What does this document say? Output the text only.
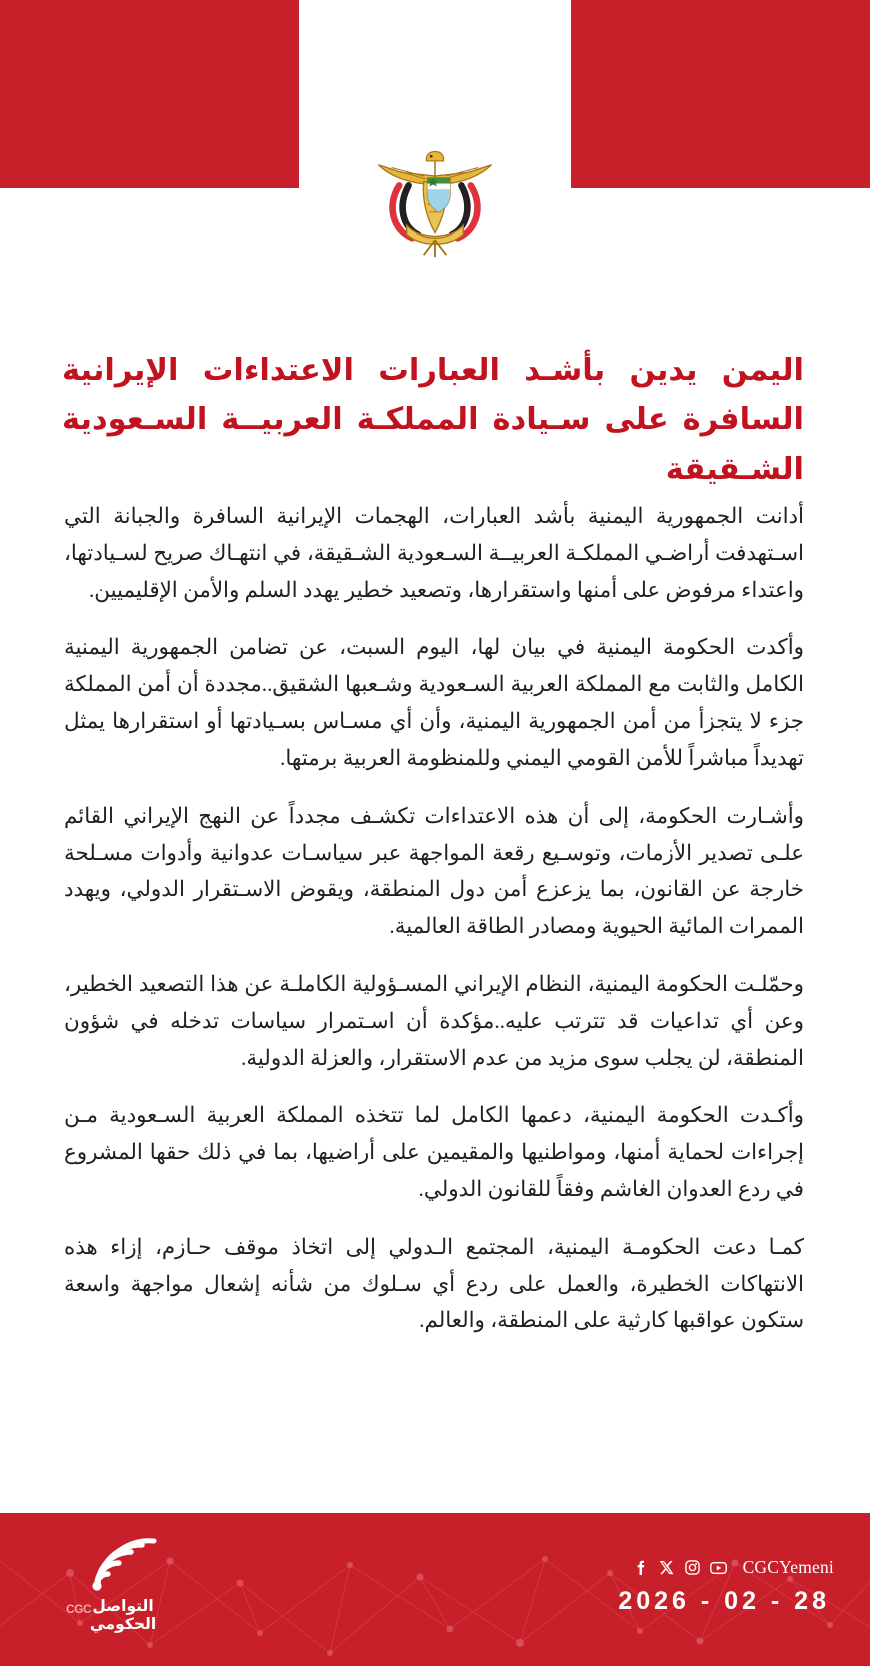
اليمن يدين بأشـد العبارات الاعتداءات الإيرانية السافرة على سـيادة المملكـة العربيــة السـعودية الشـقيقة

أدانت الجمهورية اليمنية بأشد العبارات، الهجمات الإيرانية السافرة والجبانة التي اسـتهدفت أراضـي المملكـة العربيــة السـعودية الشـقيقة، في انتهـاك صريح لسـيادتها، واعتداء مرفوض على أمنها واستقرارها، وتصعيد خطير يهدد السلم والأمن الإقليميين.

وأكدت الحكومة اليمنية في بيان لها، اليوم السبت، عن تضامن الجمهورية اليمنية الكامل والثابت مع المملكة العربية السـعودية وشـعبها الشقيق..مجددة أن أمن المملكة جزء لا يتجزأ من أمن الجمهورية اليمنية، وأن أي مسـاس بسـيادتها أو استقرارها يمثل تهديداً مباشراً للأمن القومي اليمني وللمنظومة العربية برمتها.

وأشـارت الحكومة، إلى أن هذه الاعتداءات تكشـف مجدداً عن النهج الإيراني القائم علـى تصدير الأزمات، وتوسـيع رقعة المواجهة عبر سياسـات عدوانية وأدوات مسـلحة خارجة عن القانون، بما يزعزع أمن دول المنطقة، ويقوض الاسـتقرار الدولي، ويهدد الممرات المائية الحيوية ومصادر الطاقة العالمية.

وحمّلـت الحكومة اليمنية، النظام الإيراني المسـؤولية الكاملـة عن هذا التصعيد الخطير، وعن أي تداعيات قد تترتب عليه..مؤكدة أن اسـتمرار سياسات تدخله في شؤون المنطقة، لن يجلب سوى مزيد من عدم الاستقرار، والعزلة الدولية.

وأكـدت الحكومة اليمنية، دعمها الكامل لما تتخذه المملكة العربية السـعودية مـن إجراءات لحماية أمنها، ومواطنيها والمقيمين على أراضيها، بما في ذلك حقها المشروع في ردع العدوان الغاشم وفقاً للقانون الدولي.

كمـا دعت الحكومـة اليمنية، المجتمع الـدولي إلى اتخاذ موقف حـازم، إزاء هذه الانتهاكات الخطيرة، والعمل على ردع أي سـلوك من شأنه إشعال مواجهة واسعة ستكون عواقبها كارثية على المنطقة، والعالم.

CGC التواصل
الحكومي
CGCYemeni
2026 - 02 - 28
